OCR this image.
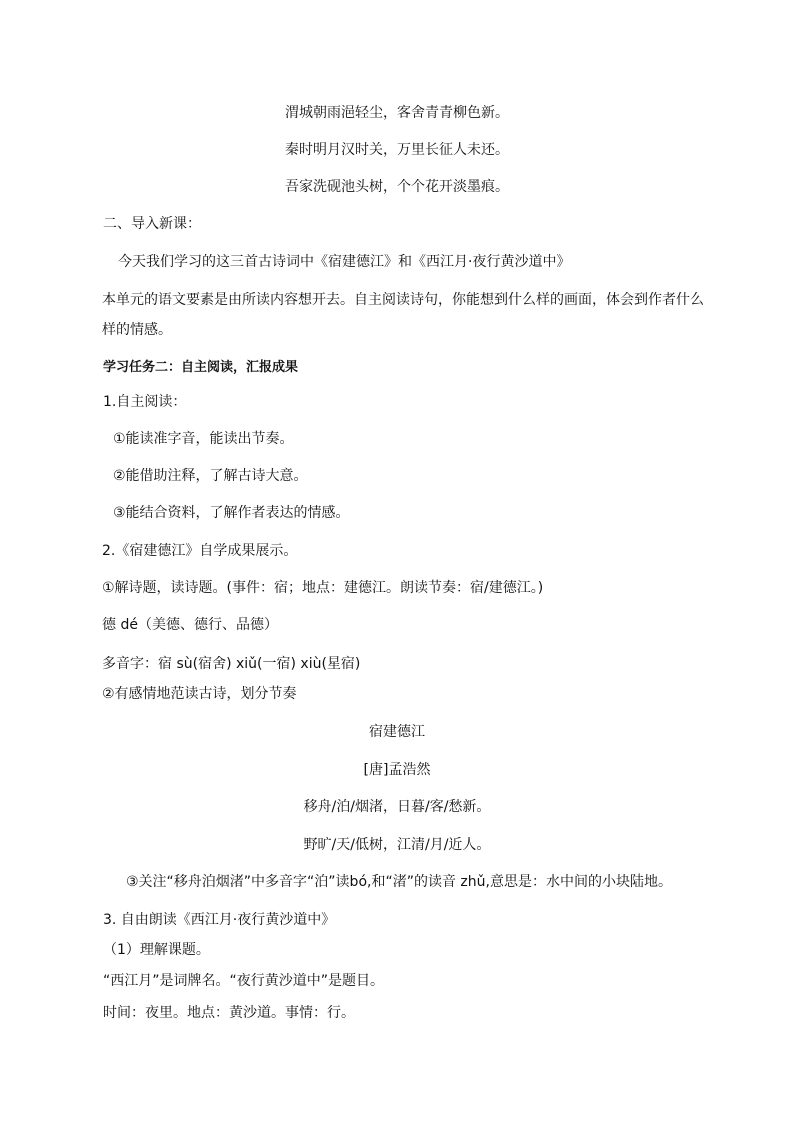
渭城朝雨浥轻尘，客舍青青柳色新。
秦时明月汉时关，万里长征人未还。
吾家洗砚池头树，个个花开淡墨痕。
二、导入新课：
今天我们学习的这三首古诗词中《宿建德江》和《西江月·夜行黄沙道中》
本单元的语文要素是由所读内容想开去。自主阅读诗句，你能想到什么样的画面，体会到作者什么
样的情感。
学习任务二：自主阅读，汇报成果
1.自主阅读：
①能读准字音，能读出节奏。
②能借助注释，了解古诗大意。
③能结合资料，了解作者表达的情感。
2.《宿建德江》自学成果展示。
①解诗题，读诗题。(事件：宿；地点：建德江。朗读节奏：宿/建德江。)
德 dé（美德、德行、品德）
多音字：宿 sù(宿舍) xiǔ(一宿) xiù(星宿)
②有感情地范读古诗，划分节奏
宿建德江
[唐]孟浩然
移舟/泊/烟渚，日暮/客/愁新。
野旷/天/低树，江清/月/近人。
③关注“移舟泊烟渚”中多音字“泊”读bó,和“渚”的读音 zhǔ,意思是：水中间的小块陆地。
3. 自由朗读《西江月·夜行黄沙道中》
（1）理解课题。
“西江月”是词牌名。“夜行黄沙道中”是题目。
时间：夜里。地点：黄沙道。事情：行。
